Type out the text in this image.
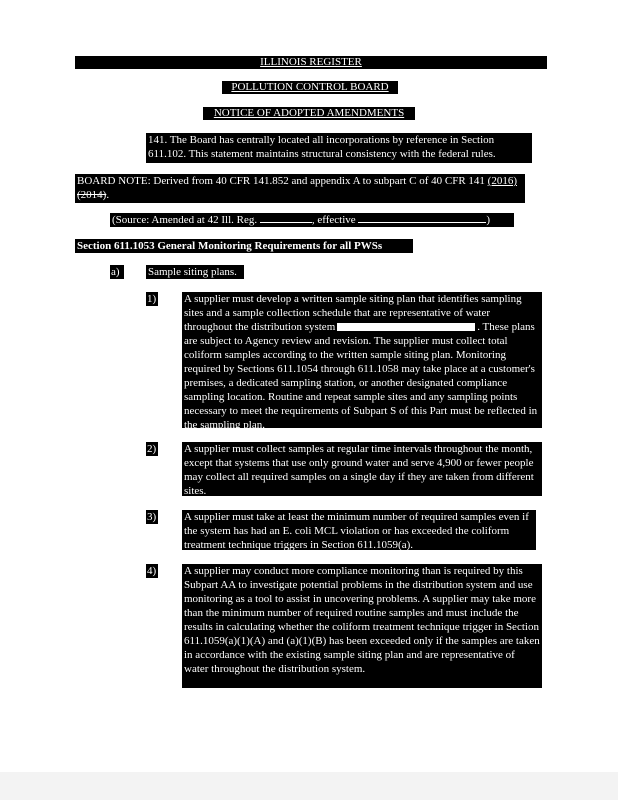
ILLINOIS REGISTER
POLLUTION CONTROL BOARD
NOTICE OF ADOPTED AMENDMENTS
141. The Board has centrally located all incorporations by reference in Section 611.102. This statement maintains structural consistency with the federal rules.
BOARD NOTE: Derived from 40 CFR 141.852 and appendix A to subpart C of 40 CFR 141 (2016) (2014).
(Source: Amended at 42 Ill. Reg.	, effective	)
Section 611.1053 General Monitoring Requirements for all PWSs
a)	Sample siting plans.
1)	A supplier must develop a written sample siting plan that identifies sampling sites and a sample collection schedule that are representative of water throughout the distribution system	. These plans are subject to Agency review and revision. The supplier must collect total coliform samples according to the written sample siting plan. Monitoring required by Sections 611.1054 through 611.1058 may take place at a customer's premises, a dedicated sampling station, or another designated compliance sampling location. Routine and repeat sample sites and any sampling points necessary to meet the requirements of Subpart S of this Part must be reflected in the sampling plan.
2)	A supplier must collect samples at regular time intervals throughout the month, except that systems that use only ground water and serve 4,900 or fewer people may collect all required samples on a single day if they are taken from different sites.
3)	A supplier must take at least the minimum number of required samples even if the system has had an E. coli MCL violation or has exceeded the coliform treatment technique triggers in Section 611.1059(a).
4)	A supplier may conduct more compliance monitoring than is required by this Subpart AA to investigate potential problems in the distribution system and use monitoring as a tool to assist in uncovering problems. A supplier may take more than the minimum number of required routine samples and must include the results in calculating whether the coliform treatment technique trigger in Section 611.1059(a)(1)(A) and (a)(1)(B) has been exceeded only if the samples are taken in accordance with the existing sample siting plan and are representative of water throughout the distribution system.
